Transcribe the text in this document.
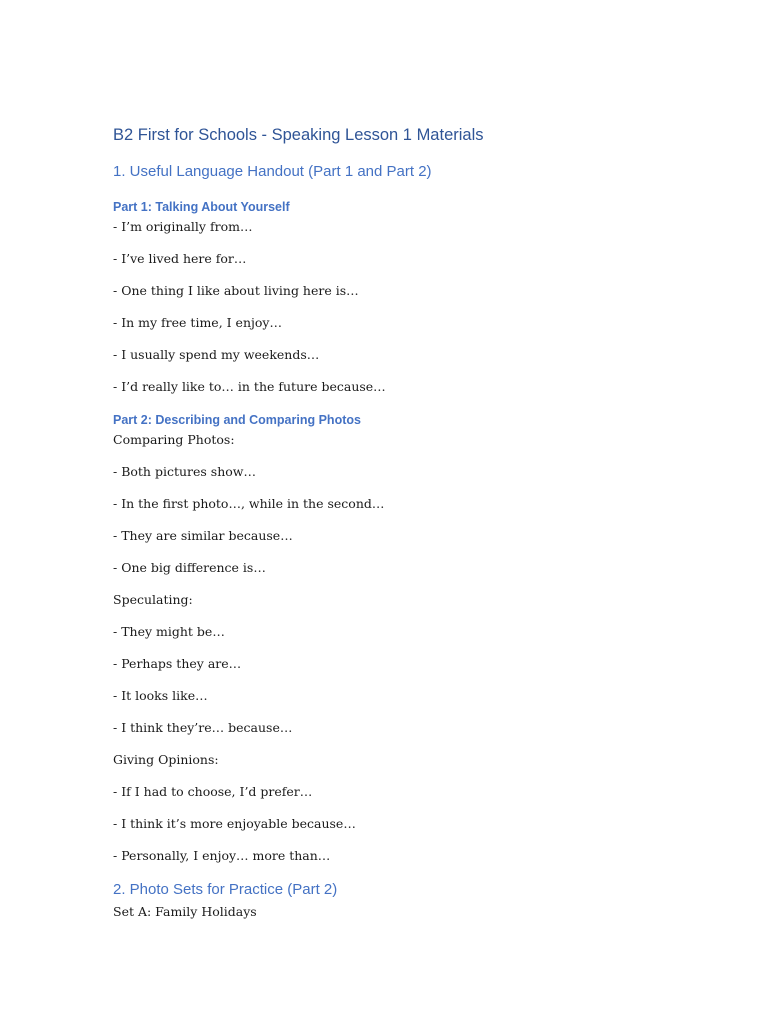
B2 First for Schools - Speaking Lesson 1 Materials
1. Useful Language Handout (Part 1 and Part 2)
Part 1: Talking About Yourself
- I’m originally from…
- I’ve lived here for…
- One thing I like about living here is…
- In my free time, I enjoy…
- I usually spend my weekends…
- I’d really like to… in the future because…
Part 2: Describing and Comparing Photos
Comparing Photos:
- Both pictures show…
- In the first photo…, while in the second…
- They are similar because…
- One big difference is…
Speculating:
- They might be…
- Perhaps they are…
- It looks like…
- I think they’re… because…
Giving Opinions:
- If I had to choose, I’d prefer…
- I think it’s more enjoyable because…
- Personally, I enjoy… more than…
2. Photo Sets for Practice (Part 2)
Set A: Family Holidays
